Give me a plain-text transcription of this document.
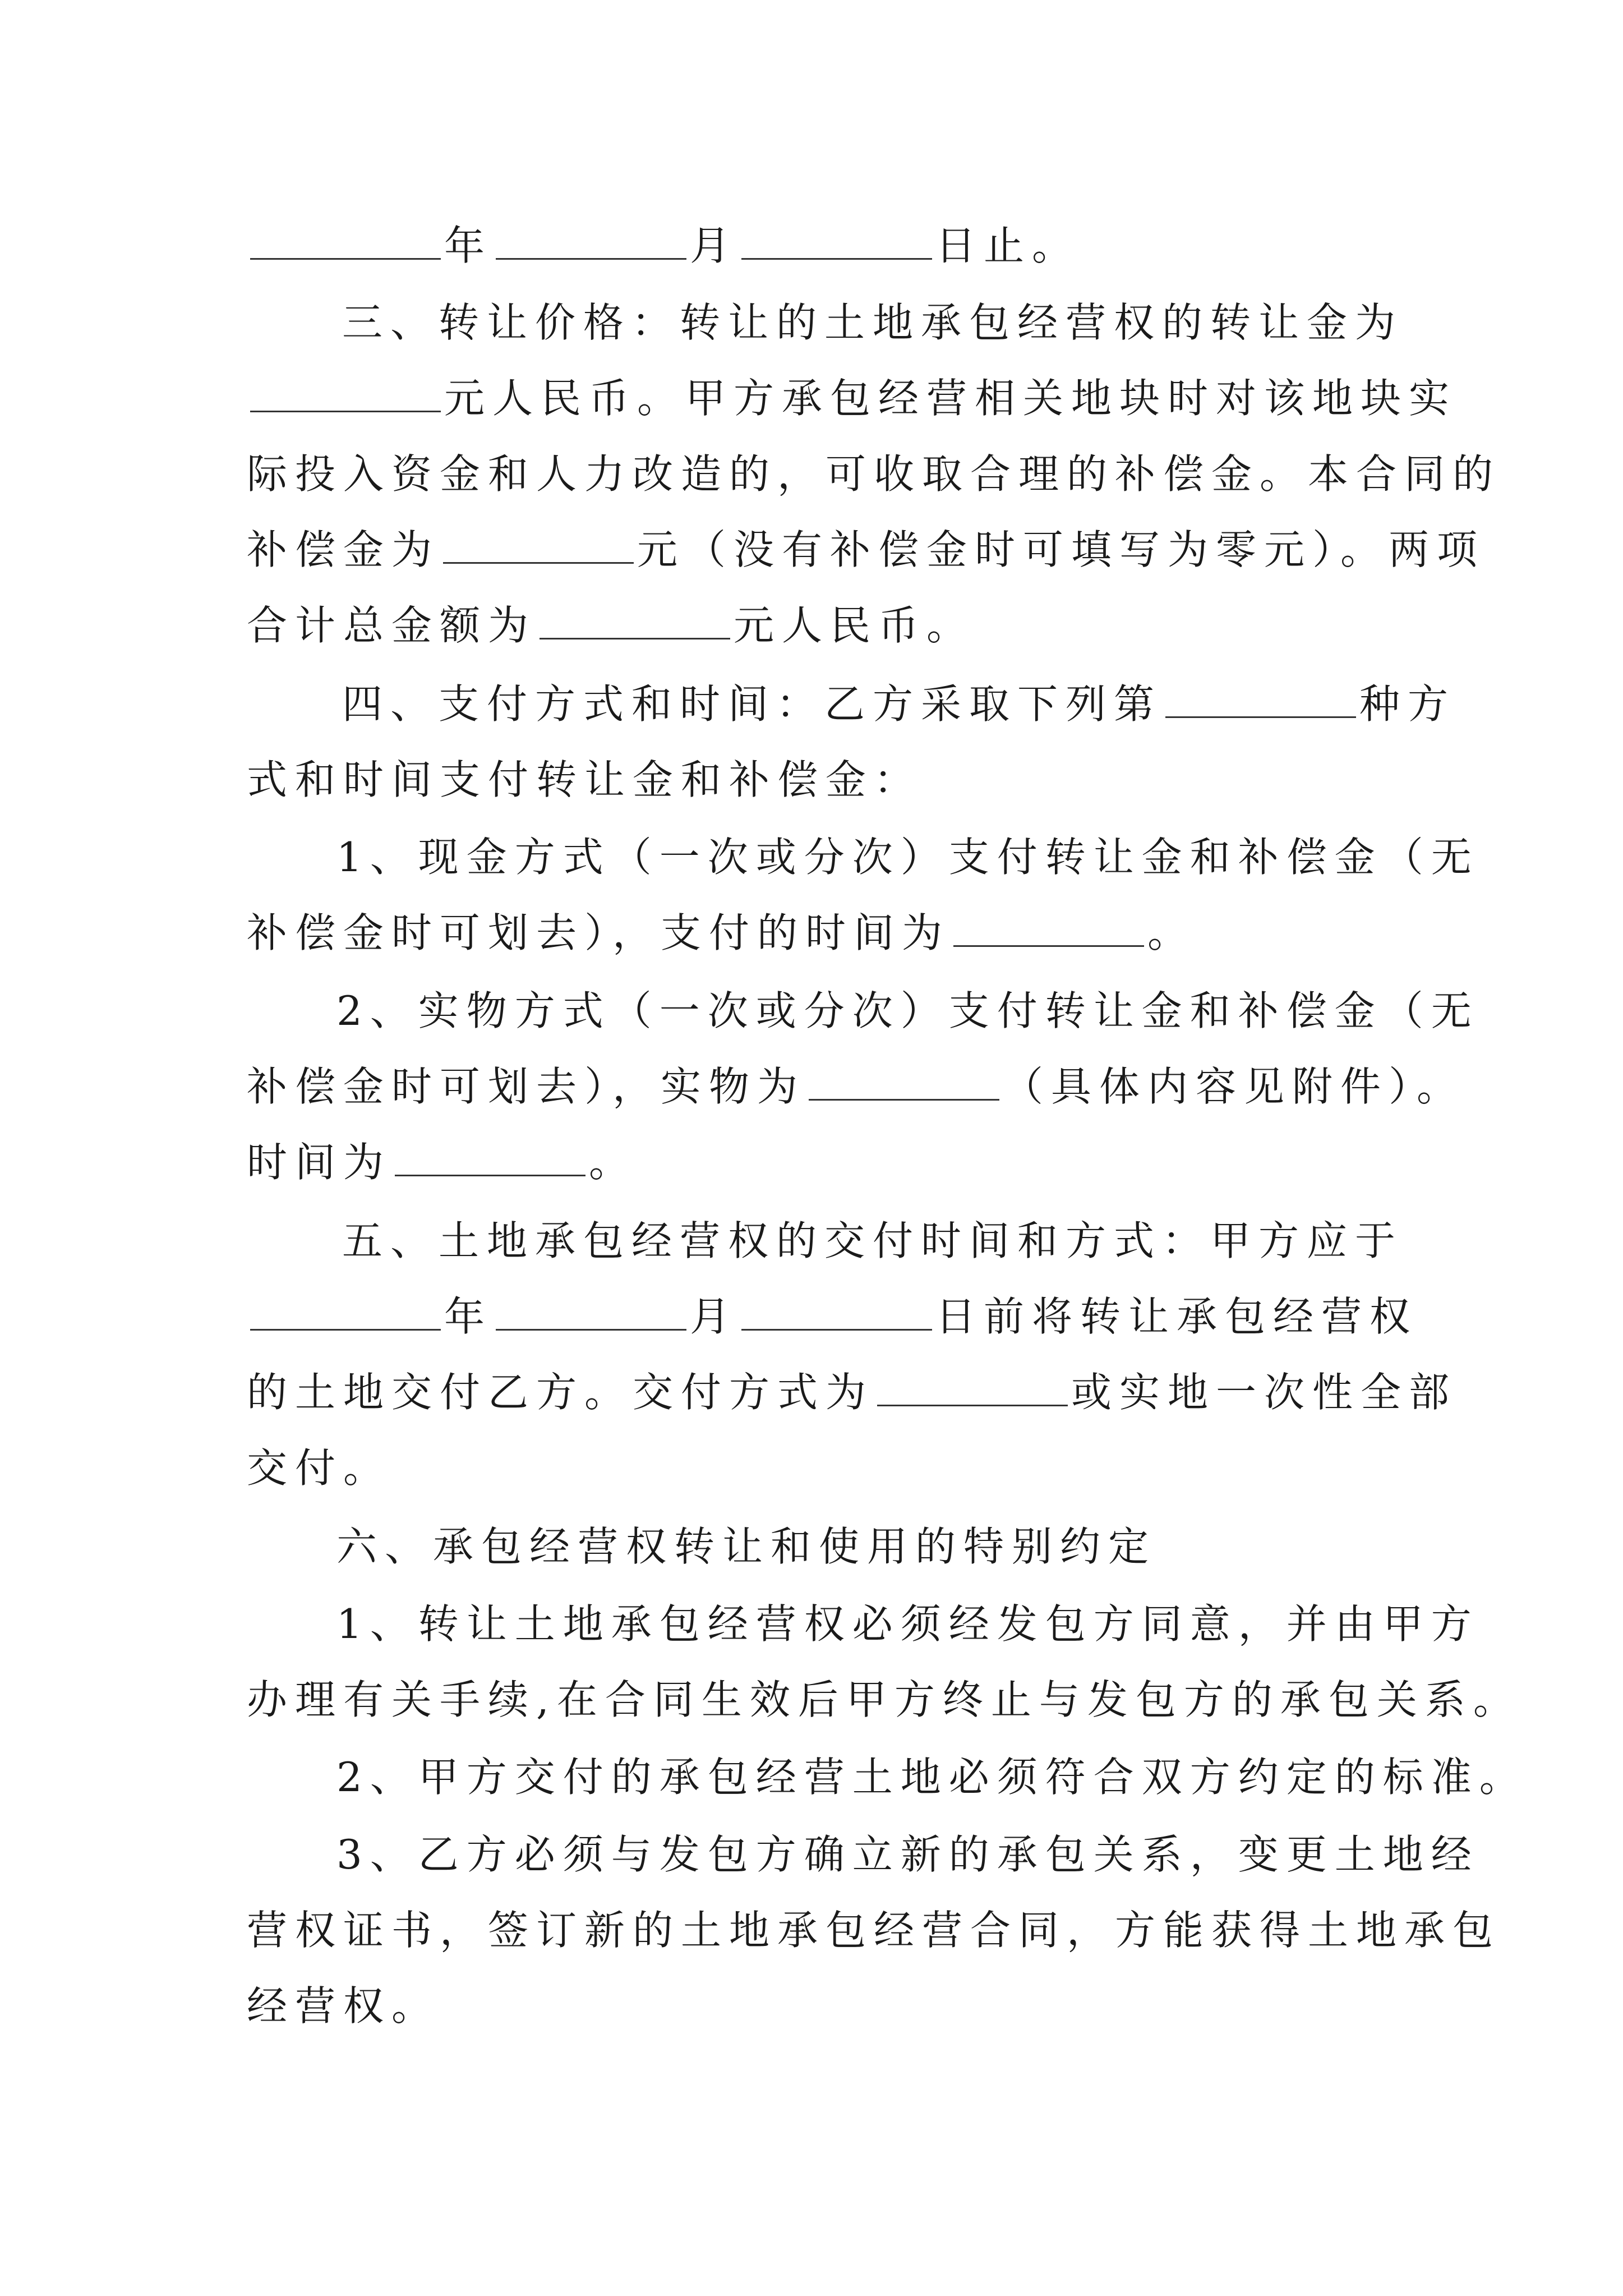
年	月	日止。
三、转让价格：转让的土地承包经营权的转让金为
元人民币。甲方承包经营相关地块时对该地块实
际投入资金和人力改造的，可收取合理的补偿金。本合同的
补偿金为	元（没有补偿金时可填写为零元）。两项
合计总金额为	元人民币。
四、支付方式和时间：乙方采取下列第	种方
式和时间支付转让金和补偿金：
1、现金方式（一次或分次）支付转让金和补偿金（无
补偿金时可划去），支付的时间为	。
2、实物方式（一次或分次）支付转让金和补偿金（无
补偿金时可划去），实物为	（具体内容见附件）。
时间为	。
五、土地承包经营权的交付时间和方式：甲方应于
年	月	日前将转让承包经营权
的土地交付乙方。交付方式为	或实地一次性全部
交付。
六、承包经营权转让和使用的特别约定
1、转让土地承包经营权必须经发包方同意，并由甲方
办理有关手续,在合同生效后甲方终止与发包方的承包关系。
2、甲方交付的承包经营土地必须符合双方约定的标准。
3、乙方必须与发包方确立新的承包关系，变更土地经
营权证书，签订新的土地承包经营合同，方能获得土地承包
经营权。
